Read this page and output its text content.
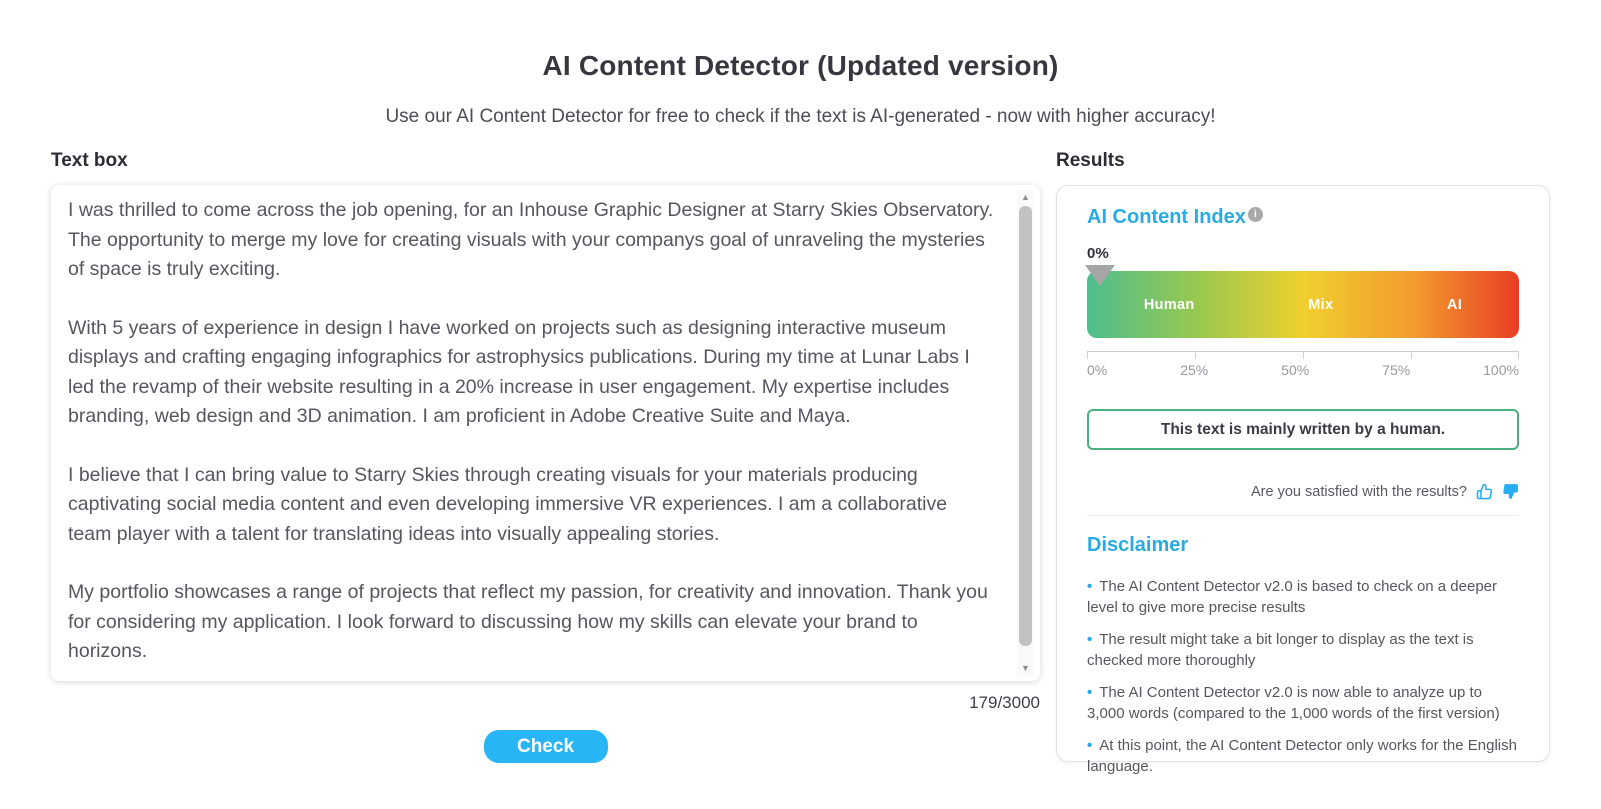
AI Content Detector (Updated version)
Use our AI Content Detector for free to check if the text is AI-generated - now with higher accuracy!
Text box

I was thrilled to come across the job opening, for an Inhouse Graphic Designer at Starry Skies Observatory. The opportunity to merge my love for creating visuals with your companys goal of unraveling the mysteries of space is truly exciting.

With 5 years of experience in design I have worked on projects such as designing interactive museum displays and crafting engaging infographics for astrophysics publications. During my time at Lunar Labs I led the revamp of their website resulting in a 20% increase in user engagement. My expertise includes branding, web design and 3D animation. I am proficient in Adobe Creative Suite and Maya.

I believe that I can bring value to Starry Skies through creating visuals for your materials producing captivating social media content and even developing immersive VR experiences. I am a collaborative team player with a talent for translating ideas into visually appealing stories.

My portfolio showcases a range of projects that reflect my passion, for creativity and innovation. Thank you for considering my application. I look forward to discussing how my skills can elevate your brand to horizons.

▲
▼
179/3000
Check
Results
AI Content Index i
0%
Human	Mix	AI
0%	25%	50%	75%	100%
This text is mainly written by a human.
Are you satisfied with the results?
Disclaimer

• The AI Content Detector v2.0 is based to check on a deeper level to give more precise results

• The result might take a bit longer to display as the text is checked more thoroughly

• The AI Content Detector v2.0 is now able to analyze up to 3,000 words (compared to the 1,000 words of the first version)

• At this point, the AI Content Detector only works for the English language.
